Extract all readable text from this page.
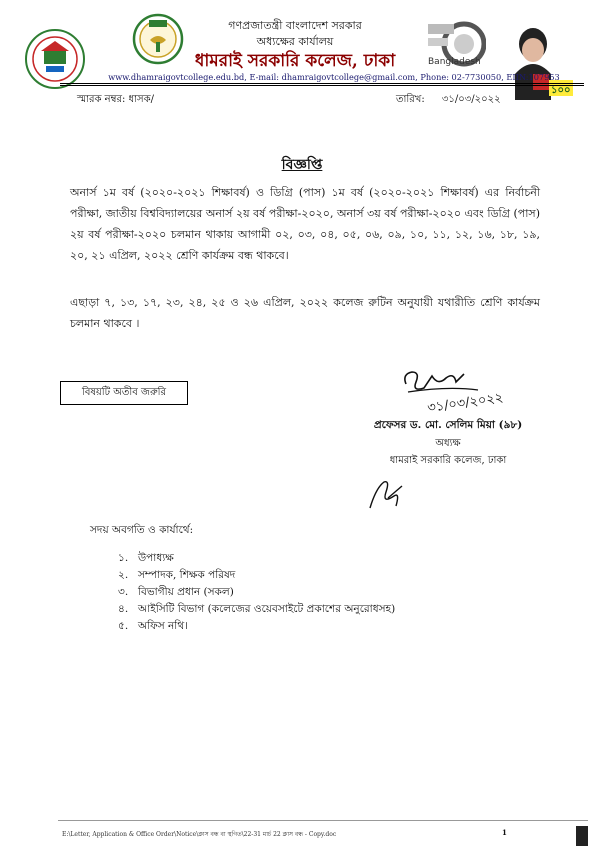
Bangladesh
১০০
গণপ্রজাতন্ত্রী বাংলাদেশ সরকার
অধ্যক্ষের কার্যালয়
ধামরাই সরকারি কলেজ, ঢাকা
www.dhamraigovtcollege.edu.bd, E-mail: dhamraigovtcollege@gmail.com, Phone: 02-7730050, EIIN:107953
স্মারক নম্বর: ধাসক/	তারিখ: ৩১/০৩/২০২২
বিজ্ঞপ্তি
অনার্স ১ম বর্ষ (২০২০-২০২১ শিক্ষাবর্ষ) ও ডিগ্রি (পাস) ১ম বর্ষ (২০২০-২০২১ শিক্ষাবর্ষ) এর নির্বাচনী পরীক্ষা, জাতীয় বিশ্ববিদ্যালয়ের অনার্স ২য় বর্ষ পরীক্ষা-২০২০, অনার্স ৩য় বর্ষ পরীক্ষা-২০২০ এবং ডিগ্রি (পাস) ২য় বর্ষ পরীক্ষা-২০২০ চলমান থাকায় আগামী ০২, ০৩, ০৪, ০৫, ০৬, ০৯, ১০, ১১, ১২, ১৬, ১৮, ১৯, ২০, ২১ এপ্রিল, ২০২২ শ্রেণি কার্যক্রম বন্ধ থাকবে।
এছাড়া ৭, ১৩, ১৭, ২৩, ২৪, ২৫ ও ২৬ এপ্রিল, ২০২২ কলেজ রুটিন অনুযায়ী যথারীতি শ্রেণি কার্যক্রম চলমান থাকবে ।
বিষয়টি অতীব জরুরি	৩১/০৩/২০২২
প্রফেসর ড. মো. সেলিম মিয়া (৯৮)
অধ্যক্ষ
ধামরাই সরকারি কলেজ, ঢাকা
সদয় অবগতি ও কার্যার্থে:
১. উপাধ্যক্ষ
২. সম্পাদক, শিক্ষক পরিষদ
৩. বিভাগীয় প্রধান (সকল)
৪. আইসিটি বিভাগ (কলেজের ওয়েবসাইটে প্রকাশের অনুরোধসহ)
৫. অফিস নথি।
E:\Letter, Application & Office Order\Notice\ক্লাস বন্ধ বা স্থগিত\22-31 মার্চ 22 ক্লাস বন্ধ - Copy.doc	1
